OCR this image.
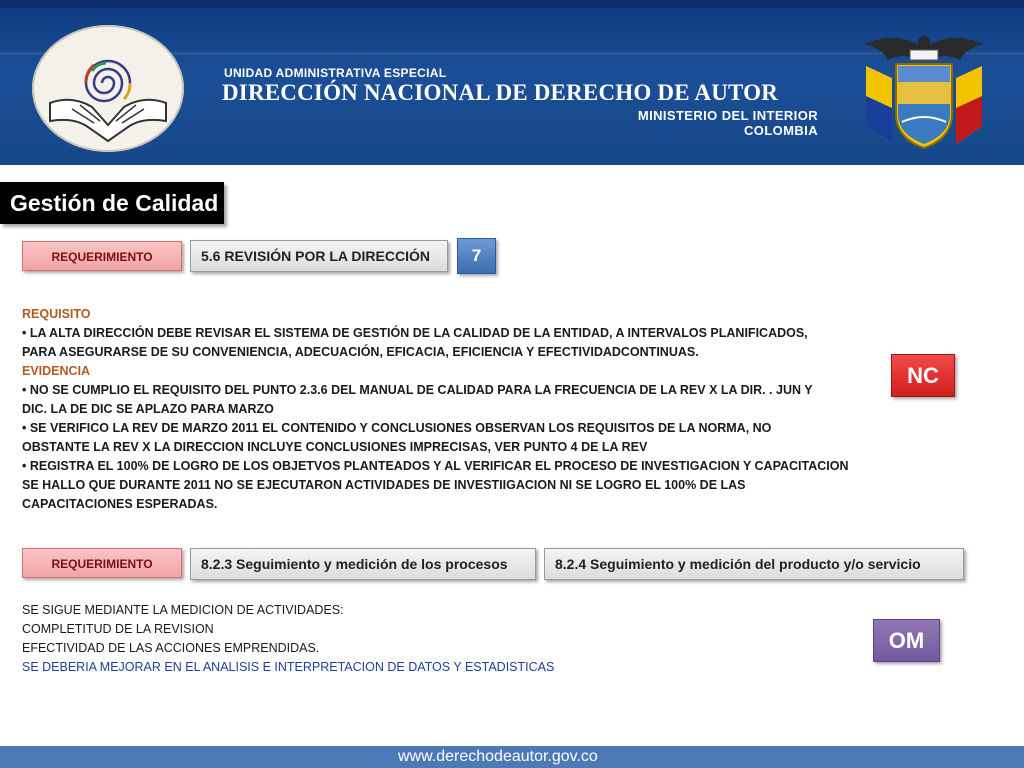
UNIDAD ADMINISTRATIVA ESPECIAL
DIRECCIÓN NACIONAL DE DERECHO DE AUTOR
MINISTERIO DEL INTERIOR
COLOMBIA
Gestión de Calidad
REQUERIMIENTO	5.6 REVISIÓN POR LA DIRECCIÓN	7
REQUISITO
• LA ALTA DIRECCIÓN DEBE REVISAR EL SISTEMA DE GESTIÓN DE LA CALIDAD DE LA ENTIDAD, A INTERVALOS PLANIFICADOS,
PARA ASEGURARSE DE SU CONVENIENCIA, ADECUACIÓN, EFICACIA, EFICIENCIA Y EFECTIVIDADCONTINUAS.
EVIDENCIA
• NO SE CUMPLIO EL REQUISITO DEL PUNTO 2.3.6 DEL MANUAL DE CALIDAD PARA LA FRECUENCIA DE LA REV X LA DIR. . JUN Y
DIC. LA DE DIC SE APLAZO PARA MARZO
• SE VERIFICO LA REV DE MARZO 2011 EL CONTENIDO Y CONCLUSIONES OBSERVAN LOS REQUISITOS DE LA NORMA, NO
OBSTANTE LA REV X LA DIRECCION INCLUYE CONCLUSIONES IMPRECISAS, VER PUNTO 4 DE LA REV
• REGISTRA EL 100% DE LOGRO DE LOS OBJETVOS PLANTEADOS Y AL VERIFICAR EL PROCESO DE INVESTIGACION Y CAPACITACION
SE HALLO QUE DURANTE 2011 NO SE EJECUTARON ACTIVIDADES DE INVESTIIGACION NI SE LOGRO EL 100% DE LAS
CAPACITACIONES ESPERADAS.
NC
REQUERIMIENTO	8.2.3 Seguimiento y medición de los procesos	8.2.4 Seguimiento y medición del producto y/o servicio
SE SIGUE MEDIANTE LA MEDICION DE ACTIVIDADES:
COMPLETITUD DE LA REVISION
EFECTIVIDAD DE LAS ACCIONES EMPRENDIDAS.
SE DEBERIA MEJORAR EN EL ANALISIS E INTERPRETACION DE DATOS Y ESTADISTICAS
OM
www.derechodeautor.gov.co
